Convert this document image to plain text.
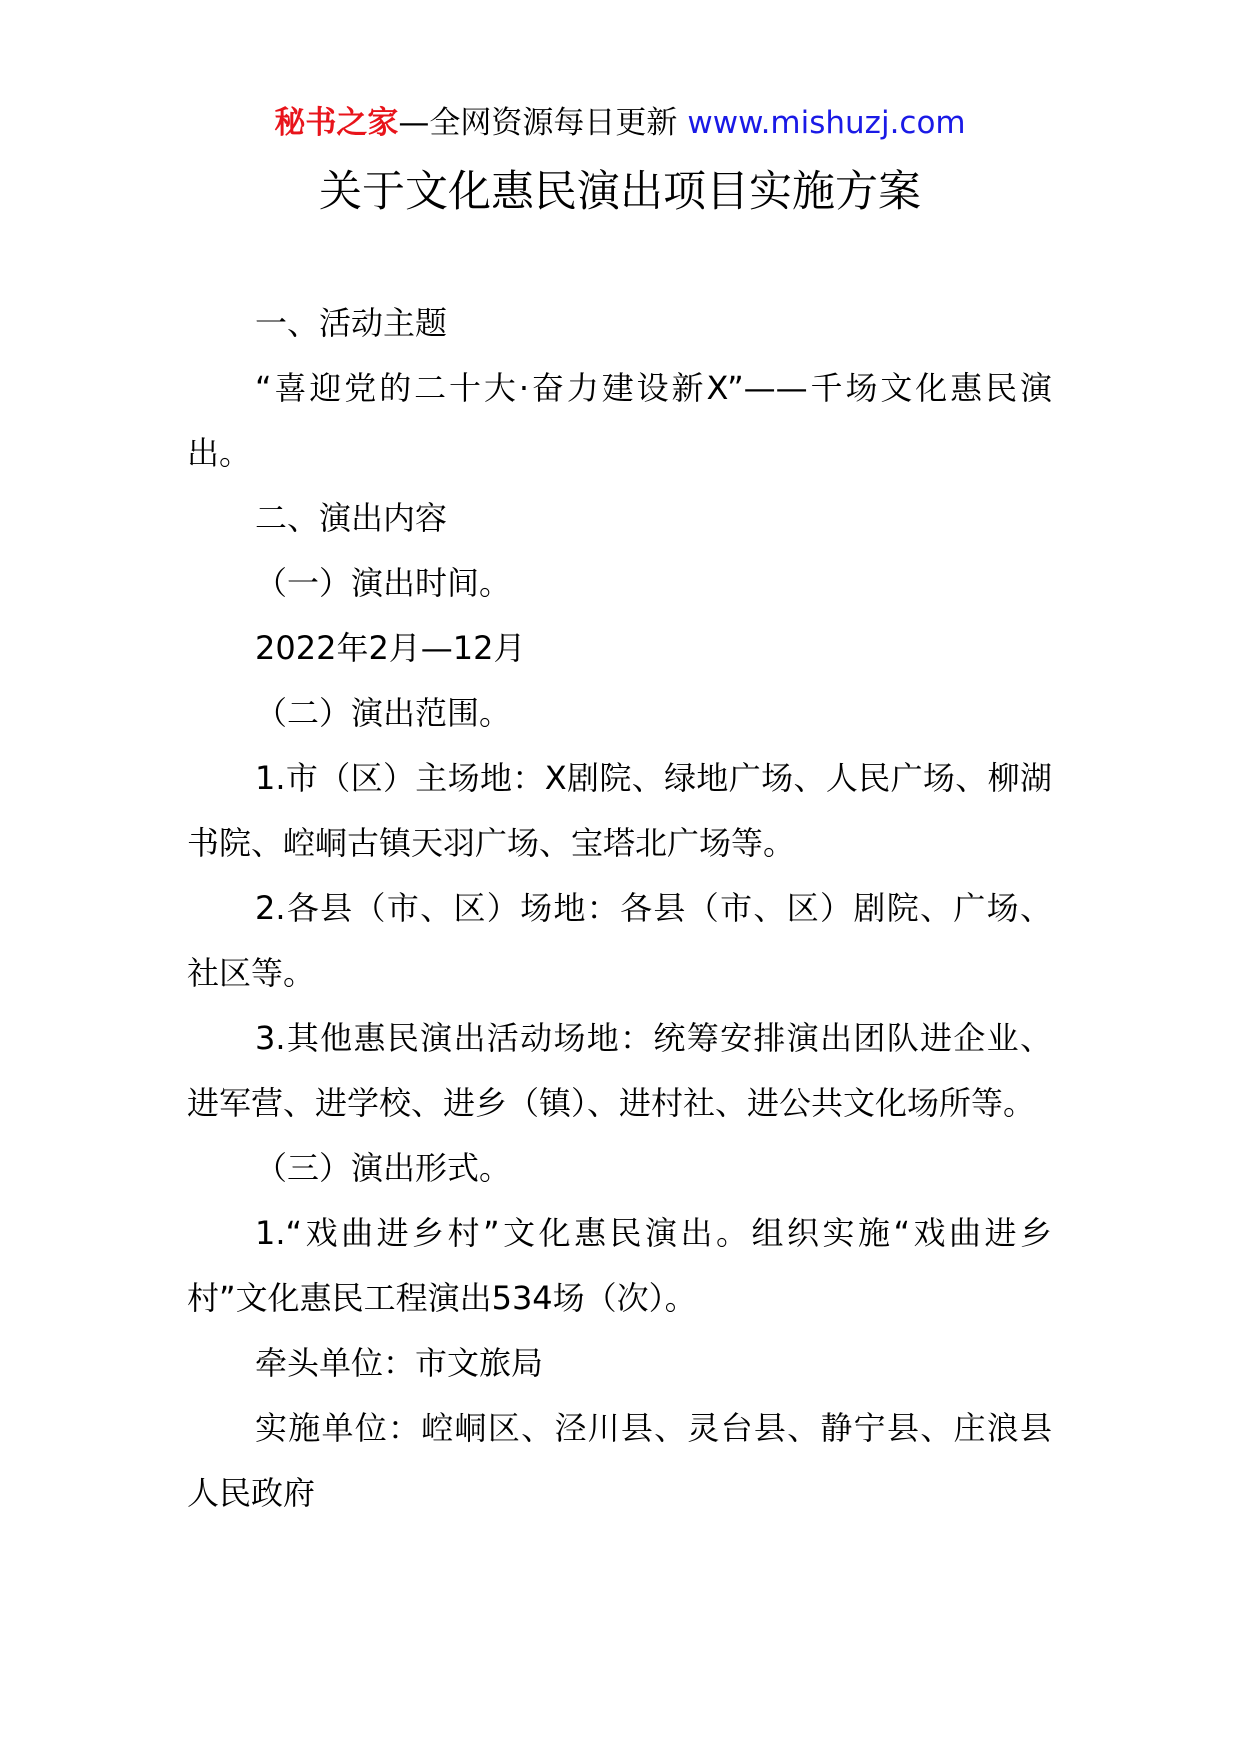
秘书之家—全网资源每日更新 www.mishuzj.com
关于文化惠民演出项目实施方案

一、活动主题

“喜迎党的二十大·奋力建设新X”——千场文化惠民演出。

二、演出内容

（一）演出时间。

2022年2月—12月

（二）演出范围。

1.市（区）主场地：X剧院、绿地广场、人民广场、柳湖书院、崆峒古镇天羽广场、宝塔北广场等。

2.各县（市、区）场地：各县（市、区）剧院、广场、社区等。

3.其他惠民演出活动场地：统筹安排演出团队进企业、进军营、进学校、进乡（镇）、进村社、进公共文化场所等。

（三）演出形式。

1.“戏曲进乡村”文化惠民演出。组织实施“戏曲进乡村”文化惠民工程演出534场（次）。

牵头单位：市文旅局

实施单位：崆峒区、泾川县、灵台县、静宁县、庄浪县人民政府
